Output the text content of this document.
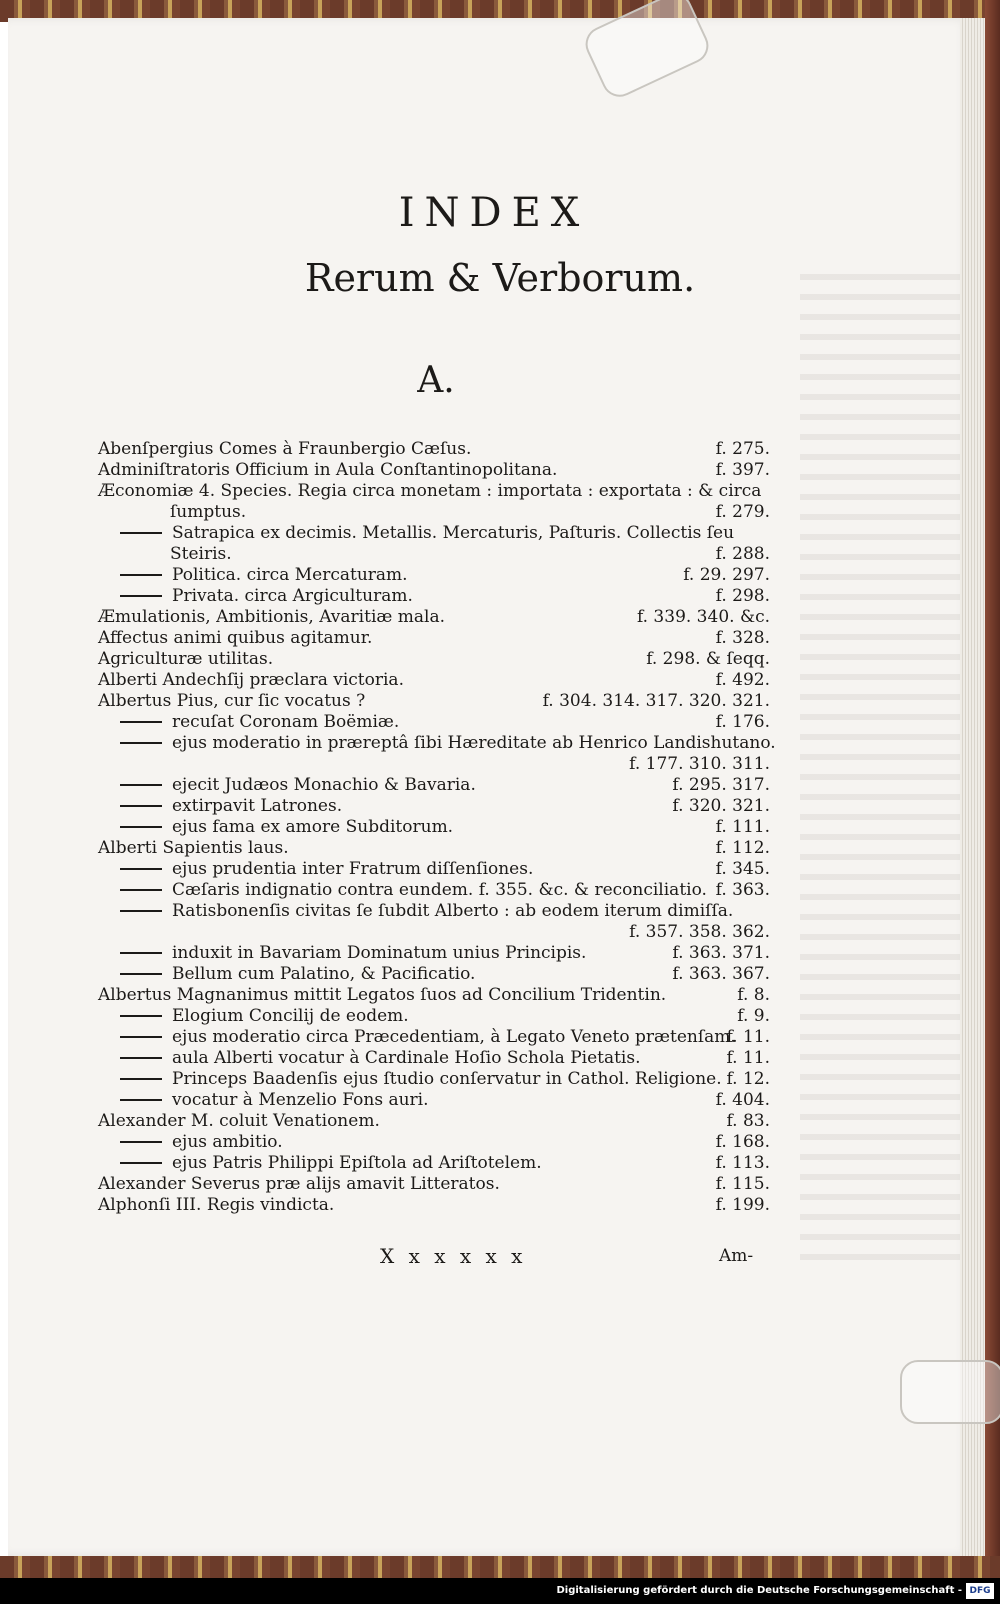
INDEX
Rerum & Verborum.
A.
Abenſpergius Comes à Fraunbergio Cæſus.	f. 275.
Adminiſtratoris Officium in Aula Conſtantinopolitana.	f. 397.
Æconomiæ 4. Species. Regia circa monetam : importata : exportata : & circa
ſumptus.	f. 279.
Satrapica ex decimis. Metallis. Mercaturis, Paſturis. Collectis ſeu
Steiris.	f. 288.
Politica. circa Mercaturam.	f. 29. 297.
Privata. circa Argiculturam.	f. 298.
Æmulationis, Ambitionis, Avaritiæ mala.	f. 339. 340. &c.
Affectus animi quibus agitamur.	f. 328.
Agriculturæ utilitas.	f. 298. & ſeqq.
Alberti Andechſij præclara victoria.	f. 492.
Albertus Pius, cur ſic vocatus ?	f. 304. 314. 317. 320. 321.
recuſat Coronam Boëmiæ.	f. 176.
ejus moderatio in præreptâ ſibi Hæreditate ab Henrico Landishutano.
f. 177. 310. 311.
ejecit Judæos Monachio & Bavaria.	f. 295. 317.
extirpavit Latrones.	f. 320. 321.
ejus fama ex amore Subditorum.	f. 111.
Alberti Sapientis laus.	f. 112.
ejus prudentia inter Fratrum diſſenſiones.	f. 345.
Cæſaris indignatio contra eundem. f. 355. &c. & reconciliatio. f. 363.
Ratisbonenſis civitas ſe ſubdit Alberto : ab eodem iterum dimiſſa.
f. 357. 358. 362.
induxit in Bavariam Dominatum unius Principis.	f. 363. 371.
Bellum cum Palatino, & Pacificatio.	f. 363. 367.
Albertus Magnanimus mittit Legatos ſuos ad Concilium Tridentin.	f. 8.
Elogium Concilij de eodem.	f. 9.
ejus moderatio circa Præcedentiam, à Legato Veneto prætenſam.
f. 11.
aula Alberti vocatur à Cardinale Hoſio Schola Pietatis.	f. 11.
Princeps Baadenſis ejus ſtudio conſervatur in Cathol. Religione. f. 12.
vocatur à Menzelio Fons auri.	f. 404.
Alexander M. coluit Venationem.	f. 83.
ejus ambitio.	f. 168.
ejus Patris Philippi Epiſtola ad Ariſtotelem.	f. 113.
Alexander Severus præ alijs amavit Litteratos.	f. 115.
Alphonſi III. Regis vindicta.	f. 199.
X x x x x x	Am-
Digitalisierung gefördert durch die Deutsche Forschungsgemeinschaft - DFG
